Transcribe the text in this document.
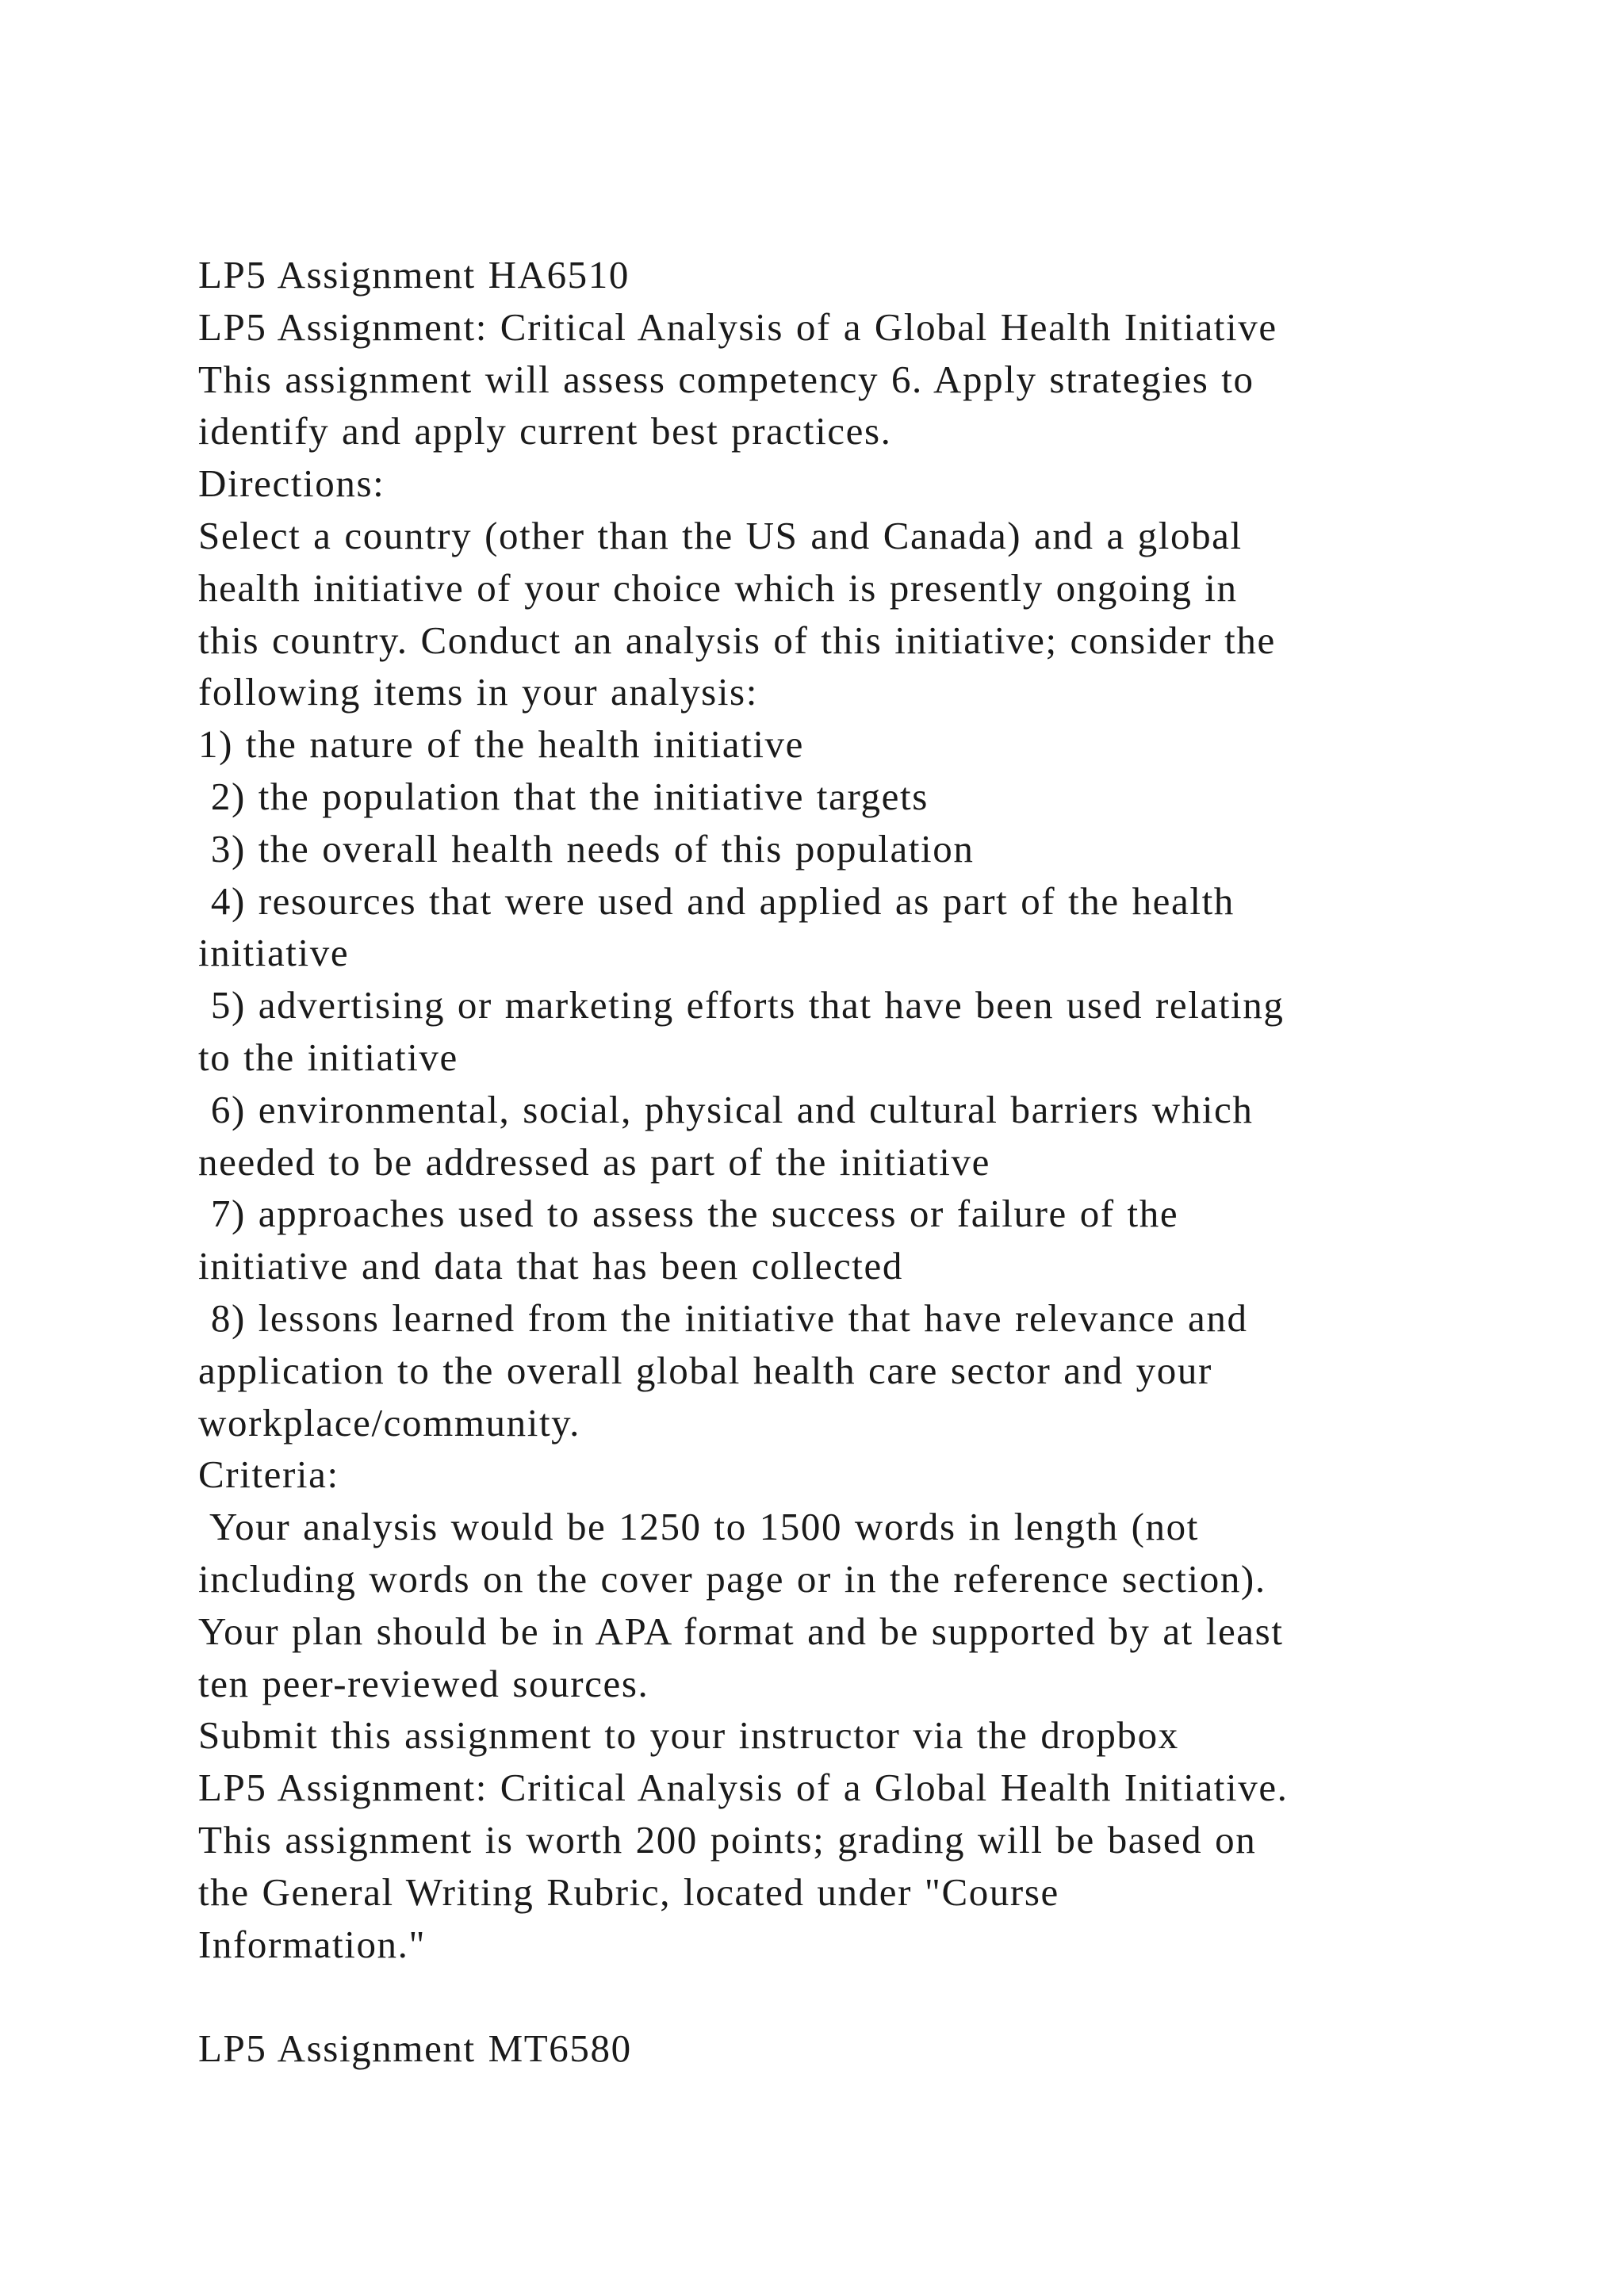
LP5 Assignment HA6510
LP5 Assignment: Critical Analysis of a Global Health Initiative
This assignment will assess competency 6. Apply strategies to
identify and apply current best practices.
Directions:
Select a country (other than the US and Canada) and a global
health initiative of your choice which is presently ongoing in
this country. Conduct an analysis of this initiative; consider the
following items in your analysis:
1) the nature of the health initiative
2) the population that the initiative targets
3) the overall health needs of this population
4) resources that were used and applied as part of the health
initiative
5) advertising or marketing efforts that have been used relating
to the initiative
6) environmental, social, physical and cultural barriers which
needed to be addressed as part of the initiative
7) approaches used to assess the success or failure of the
initiative and data that has been collected
8) lessons learned from the initiative that have relevance and
application to the overall global health care sector and your
workplace/community.
Criteria:
Your analysis would be 1250 to 1500 words in length (not
including words on the cover page or in the reference section).
Your plan should be in APA format and be supported by at least
ten peer-reviewed sources.
Submit this assignment to your instructor via the dropbox
LP5 Assignment: Critical Analysis of a Global Health Initiative.
This assignment is worth 200 points; grading will be based on
the General Writing Rubric, located under "Course
Information."
LP5 Assignment MT6580
